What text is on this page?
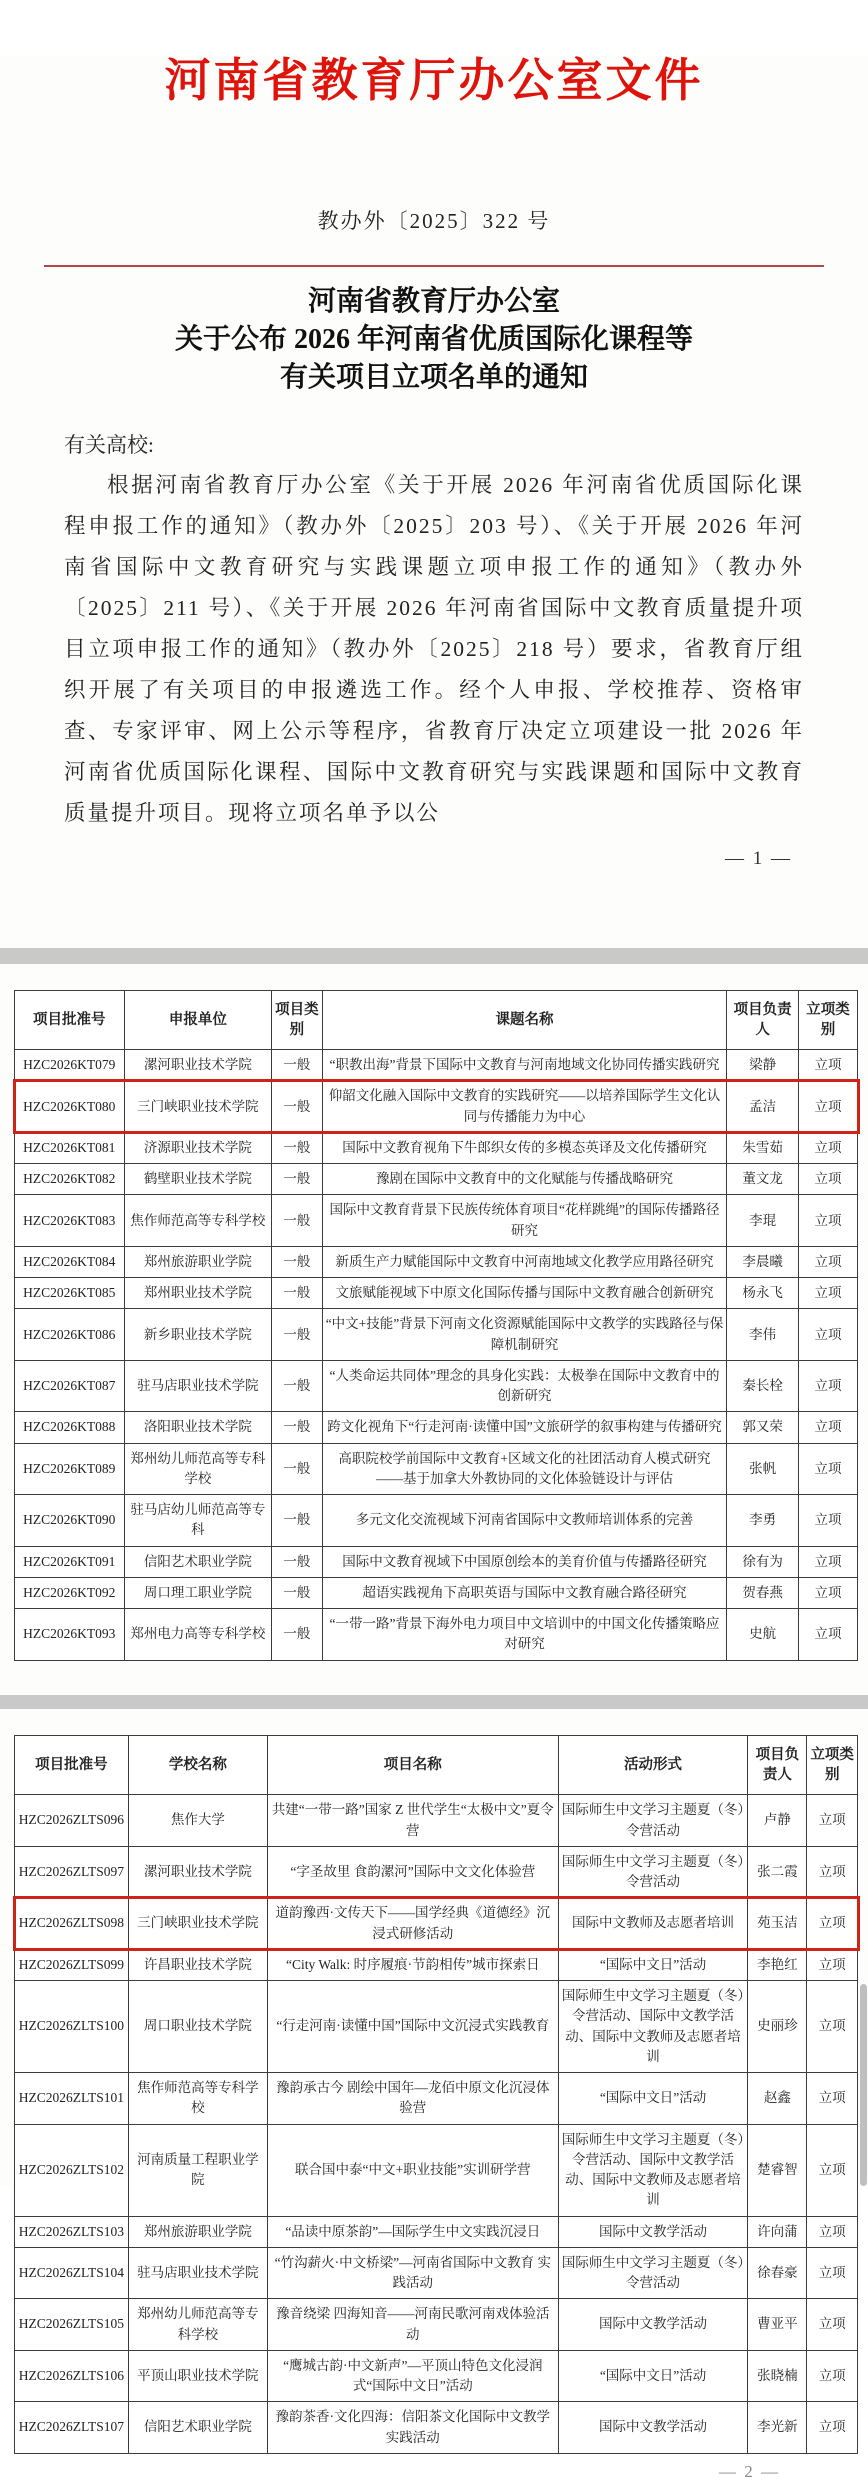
河南省教育厅办公室文件
教办外〔2025〕322 号
河南省教育厅办公室
关于公布 2026 年河南省优质国际化课程等
有关项目立项名单的通知
有关高校:

根据河南省教育厅办公室《关于开展 2026 年河南省优质国际化课程申报工作的通知》（教办外〔2025〕203 号）、《关于开展 2026 年河南省国际中文教育研究与实践课题立项申报工作的通知》（教办外〔2025〕211 号）、《关于开展 2026 年河南省国际中文教育质量提升项目立项申报工作的通知》（教办外〔2025〕218 号）要求，省教育厅组织开展了有关项目的申报遴选工作。经个人申报、学校推荐、资格审查、专家评审、网上公示等程序，省教育厅决定立项建设一批 2026 年河南省优质国际化课程、国际中文教育研究与实践课题和国际中文教育质量提升项目。现将立项名单予以公

— 1 —
项目批准号	申报单位	项目类别	课题名称	项目负责人	立项类别
HZC2026KT079	漯河职业技术学院	一般	“职教出海”背景下国际中文教育与河南地域文化协同传播实践研究	梁静	立项
HZC2026KT080	三门峡职业技术学院	一般	仰韶文化融入国际中文教育的实践研究——以培养国际学生文化认同与传播能力为中心	孟洁	立项
HZC2026KT081	济源职业技术学院	一般	国际中文教育视角下牛郎织女传的多模态英译及文化传播研究	朱雪茹	立项
HZC2026KT082	鹤壁职业技术学院	一般	豫剧在国际中文教育中的文化赋能与传播战略研究	董文龙	立项
HZC2026KT083	焦作师范高等专科学校	一般	国际中文教育背景下民族传统体育项目“花样跳绳”的国际传播路径研究	李琨	立项
HZC2026KT084	郑州旅游职业学院	一般	新质生产力赋能国际中文教育中河南地域文化教学应用路径研究	李晨曦	立项
HZC2026KT085	郑州职业技术学院	一般	文旅赋能视域下中原文化国际传播与国际中文教育融合创新研究	杨永飞	立项
HZC2026KT086	新乡职业技术学院	一般	“中文+技能”背景下河南文化资源赋能国际中文教学的实践路径与保障机制研究	李伟	立项
HZC2026KT087	驻马店职业技术学院	一般	“人类命运共同体”理念的具身化实践：太极拳在国际中文教育中的创新研究	秦长栓	立项
HZC2026KT088	洛阳职业技术学院	一般	跨文化视角下“行走河南·读懂中国”文旅研学的叙事构建与传播研究	郭又荣	立项
HZC2026KT089	郑州幼儿师范高等专科学校	一般	高职院校学前国际中文教育+区域文化的社团活动育人模式研究——基于加拿大外教协同的文化体验链设计与评估	张帆	立项
HZC2026KT090	驻马店幼儿师范高等专科	一般	多元文化交流视域下河南省国际中文教师培训体系的完善	李勇	立项
HZC2026KT091	信阳艺术职业学院	一般	国际中文教育视域下中国原创绘本的美育价值与传播路径研究	徐有为	立项
HZC2026KT092	周口理工职业学院	一般	超语实践视角下高职英语与国际中文教育融合路径研究	贺春燕	立项
HZC2026KT093	郑州电力高等专科学校	一般	“一带一路”背景下海外电力项目中文培训中的中国文化传播策略应对研究	史航	立项
项目批准号	学校名称	项目名称	活动形式	项目负责人	立项类别
HZC2026ZLTS096	焦作大学	共建“一带一路”国家 Z 世代学生“太极中文”夏令营	国际师生中文学习主题夏（冬）令营活动	卢静	立项
HZC2026ZLTS097	漯河职业技术学院	“字圣故里 食韵漯河”国际中文文化体验营	国际师生中文学习主题夏（冬）令营活动	张二霞	立项
HZC2026ZLTS098	三门峡职业技术学院	道韵豫西·文传天下——国学经典《道德经》沉浸式研修活动	国际中文教师及志愿者培训	苑玉洁	立项
HZC2026ZLTS099	许昌职业技术学院	“City Walk: 时序履痕·节韵相传”城市探索日	“国际中文日”活动	李艳红	立项
HZC2026ZLTS100	周口职业技术学院	“行走河南·读懂中国”国际中文沉浸式实践教育	国际师生中文学习主题夏（冬）令营活动、国际中文教学活动、国际中文教师及志愿者培训	史丽珍	立项
HZC2026ZLTS101	焦作师范高等专科学校	豫韵承古今 剧绘中国年—龙佰中原文化沉浸体验营	“国际中文日”活动	赵鑫	立项
HZC2026ZLTS102	河南质量工程职业学院	联合国中泰“中文+职业技能”实训研学营	国际师生中文学习主题夏（冬）令营活动、国际中文教学活动、国际中文教师及志愿者培训	楚睿智	立项
HZC2026ZLTS103	郑州旅游职业学院	“品读中原茶韵”—国际学生中文实践沉浸日	国际中文教学活动	许向蒲	立项
HZC2026ZLTS104	驻马店职业技术学院	“竹沟薪火·中文桥梁”—河南省国际中文教育 实践活动	国际师生中文学习主题夏（冬）令营活动	徐春豪	立项
HZC2026ZLTS105	郑州幼儿师范高等专科学校	豫音绕梁 四海知音——河南民歌河南戏体验活动	国际中文教学活动	曹亚平	立项
HZC2026ZLTS106	平顶山职业技术学院	“鹰城古韵·中文新声”—平顶山特色文化浸润式“国际中文日”活动	“国际中文日”活动	张晓楠	立项
HZC2026ZLTS107	信阳艺术职业学院	豫韵茶香·文化四海：信阳茶文化国际中文教学实践活动	国际中文教学活动	李光新	立项
— 2 —
